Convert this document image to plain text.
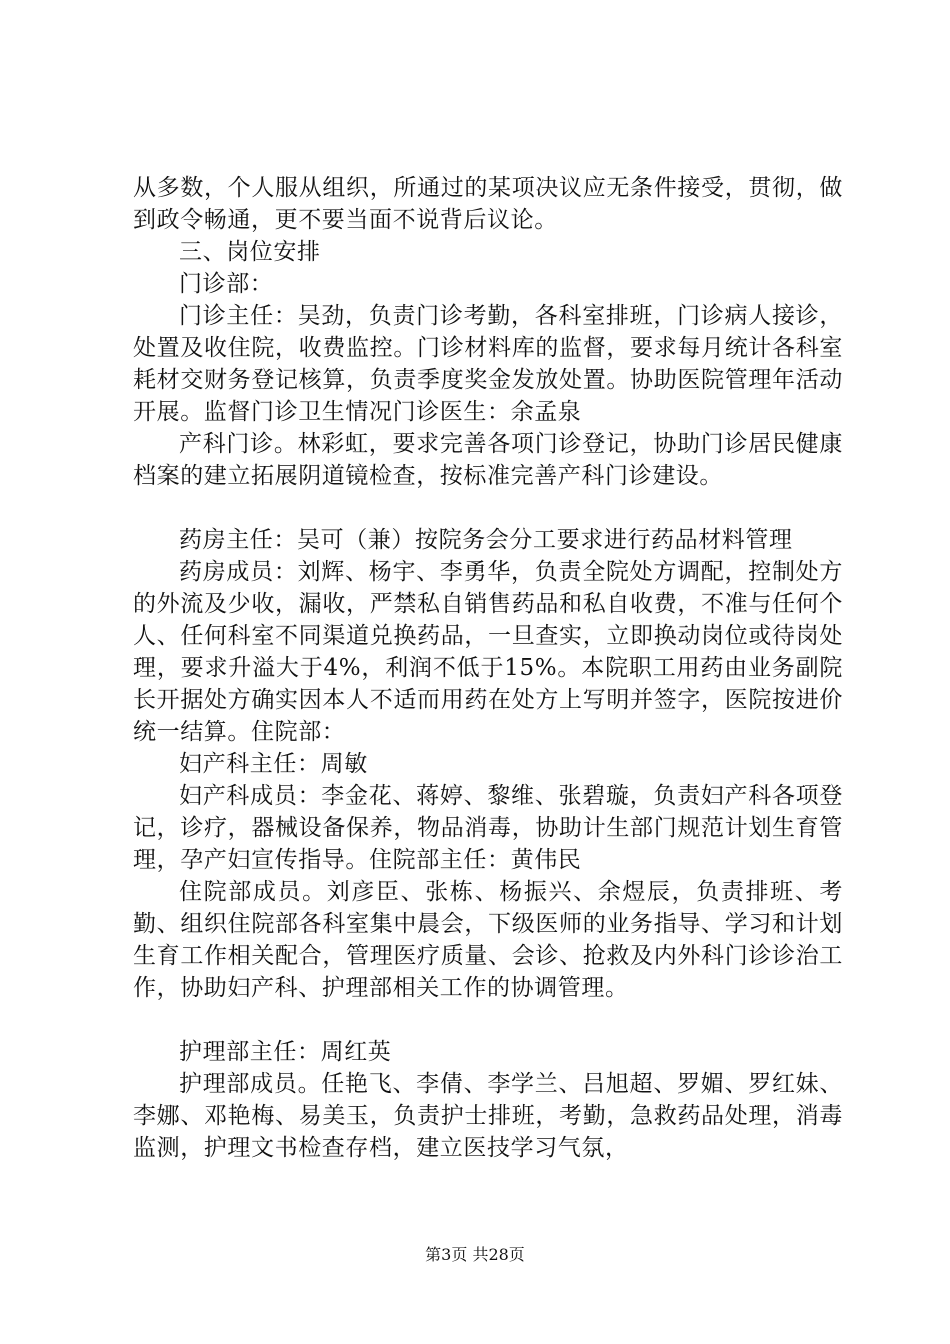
从多数，个人服从组织，所通过的某项决议应无条件接受，贯彻，做到政令畅通，更不要当面不说背后议论。

三、岗位安排

门诊部：

门诊主任：吴劲，负责门诊考勤，各科室排班，门诊病人接诊，处置及收住院，收费监控。门诊材料库的监督，要求每月统计各科室耗材交财务登记核算，负责季度奖金发放处置。协助医院管理年活动开展。监督门诊卫生情况门诊医生：余孟泉

产科门诊。林彩虹，要求完善各项门诊登记，协助门诊居民健康档案的建立拓展阴道镜检查，按标准完善产科门诊建设。

药房主任：吴可（兼）按院务会分工要求进行药品材料管理

药房成员：刘辉、杨宇、李勇华，负责全院处方调配，控制处方的外流及少收，漏收，严禁私自销售药品和私自收费，不准与任何个人、任何科室不同渠道兑换药品，一旦查实，立即换动岗位或待岗处理，要求升溢大于4%，利润不低于15%。本院职工用药由业务副院长开据处方确实因本人不适而用药在处方上写明并签字，医院按进价统一结算。住院部：

妇产科主任：周敏

妇产科成员：李金花、蒋婷、黎维、张碧璇，负责妇产科各项登记，诊疗，器械设备保养，物品消毒，协助计生部门规范计划生育管理，孕产妇宣传指导。住院部主任：黄伟民

住院部成员。刘彦臣、张栋、杨振兴、余煜辰，负责排班、考勤、组织住院部各科室集中晨会，下级医师的业务指导、学习和计划生育工作相关配合，管理医疗质量、会诊、抢救及内外科门诊诊治工作，协助妇产科、护理部相关工作的协调管理。

护理部主任：周红英

护理部成员。任艳飞、李倩、李学兰、吕旭超、罗媚、罗红妹、李娜、邓艳梅、易美玉，负责护士排班，考勤，急救药品处理，消毒监测，护理文书检查存档，建立医技学习气氛，

第3页 共28页
